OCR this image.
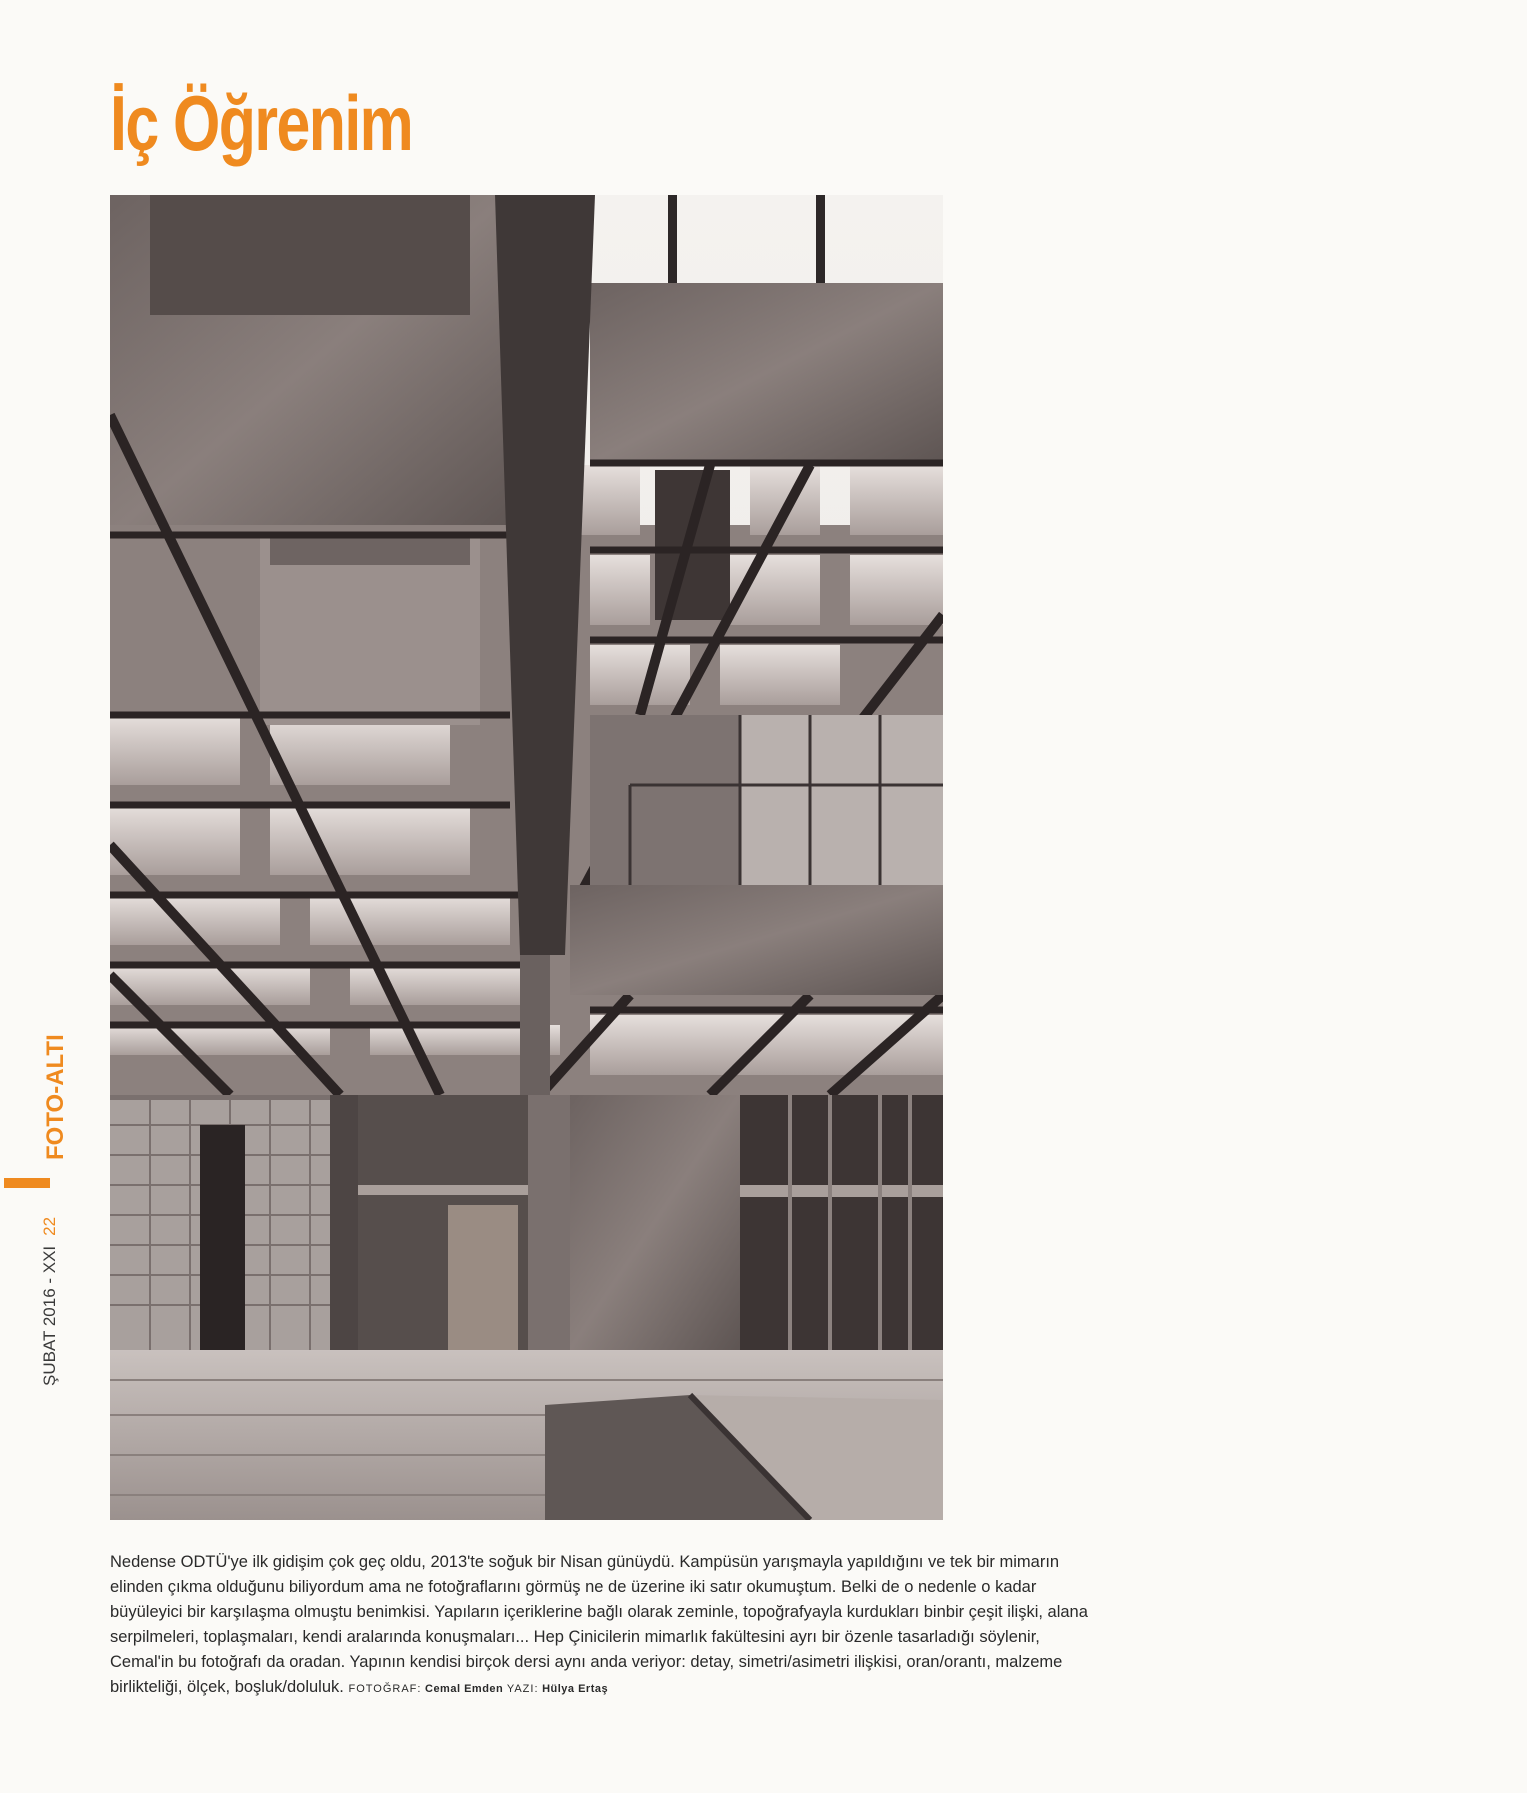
İç Öğrenim
FOTO-ALTI
ŞUBAT 2016 - XXI22
Nedense ODTÜ'ye ilk gidişim çok geç oldu, 2013'te soğuk bir Nisan günüydü. Kampüsün yarışmayla yapıldığını ve tek bir mimarın elinden çıkma olduğunu biliyordum ama ne fotoğraflarını görmüş ne de üzerine iki satır okumuştum. Belki de o nedenle o kadar büyüleyici bir karşılaşma olmuştu benimkisi. Yapıların içeriklerine bağlı olarak zeminle, topoğrafyayla kurdukları binbir çeşit ilişki, alana serpilmeleri, toplaşmaları, kendi aralarında konuşmaları... Hep Çinicilerin mimarlık fakültesini ayrı bir özenle tasarladığı söylenir, Cemal'in bu fotoğrafı da oradan. Yapının kendisi birçok dersi aynı anda veriyor: detay, simetri/asimetri ilişkisi, oran/orantı, malzeme birlikteliği, ölçek, boşluk/doluluk. FOTOĞRAF: Cemal Emden YAZI: Hülya Ertaş
